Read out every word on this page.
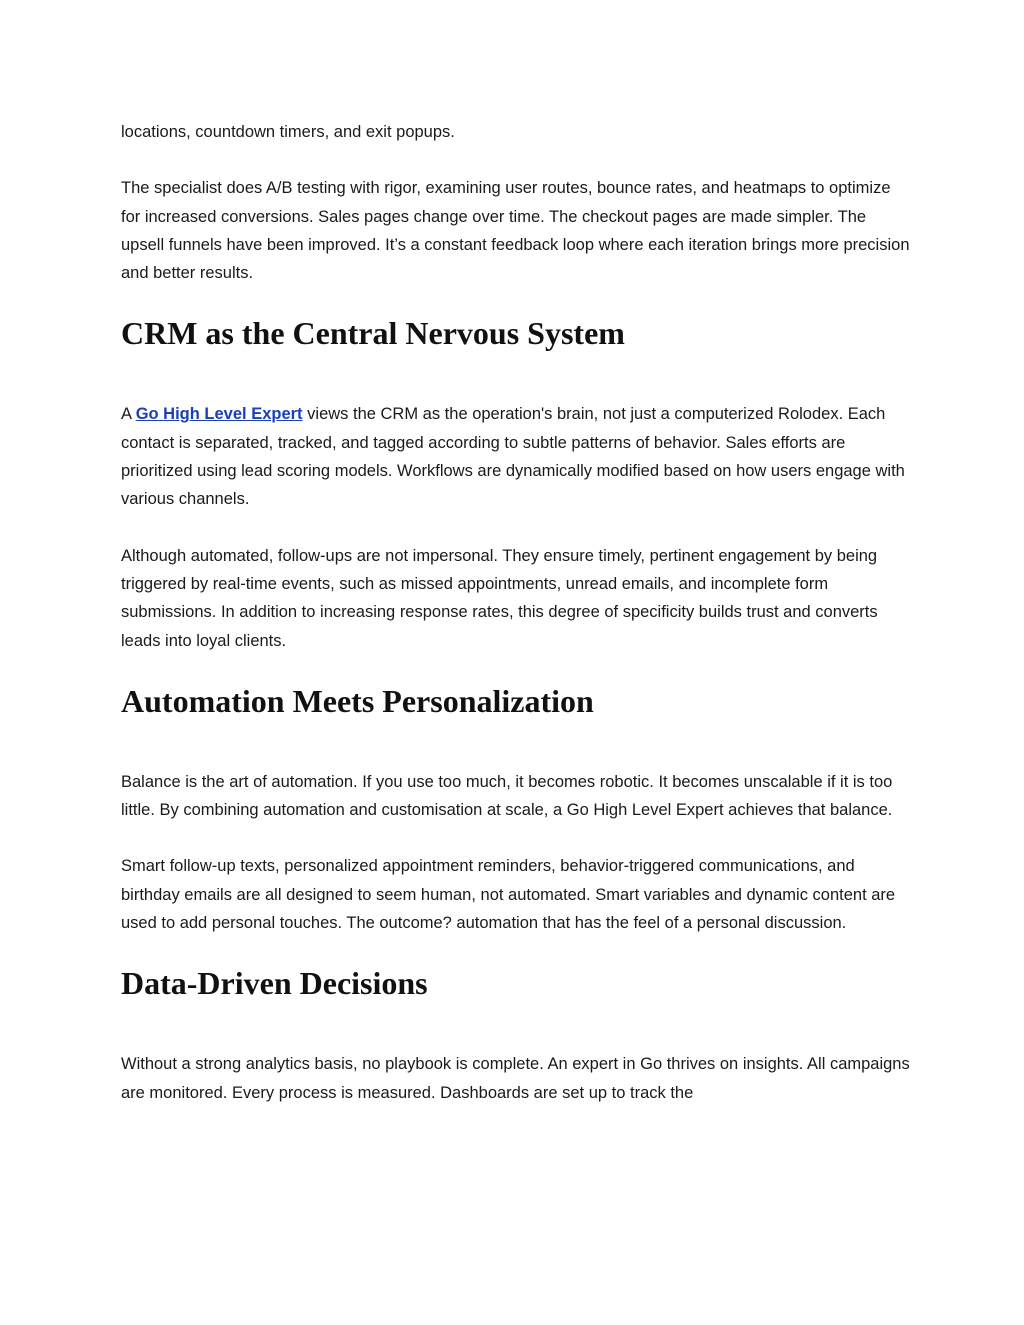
locations, countdown timers, and exit popups.

The specialist does A/B testing with rigor, examining user routes, bounce rates, and heatmaps to optimize for increased conversions. Sales pages change over time. The checkout pages are made simpler. The upsell funnels have been improved. It’s a constant feedback loop where each iteration brings more precision and better results.

CRM as the Central Nervous System

A Go High Level Expert views the CRM as the operation's brain, not just a computerized Rolodex. Each contact is separated, tracked, and tagged according to subtle patterns of behavior. Sales efforts are prioritized using lead scoring models. Workflows are dynamically modified based on how users engage with various channels.

Although automated, follow-ups are not impersonal. They ensure timely, pertinent engagement by being triggered by real-time events, such as missed appointments, unread emails, and incomplete form submissions. In addition to increasing response rates, this degree of specificity builds trust and converts leads into loyal clients.

Automation Meets Personalization

Balance is the art of automation. If you use too much, it becomes robotic. It becomes unscalable if it is too little. By combining automation and customisation at scale, a Go High Level Expert achieves that balance.

Smart follow-up texts, personalized appointment reminders, behavior-triggered communications, and birthday emails are all designed to seem human, not automated. Smart variables and dynamic content are used to add personal touches. The outcome? automation that has the feel of a personal discussion.

Data-Driven Decisions

Without a strong analytics basis, no playbook is complete. An expert in Go thrives on insights. All campaigns are monitored. Every process is measured. Dashboards are set up to track the
